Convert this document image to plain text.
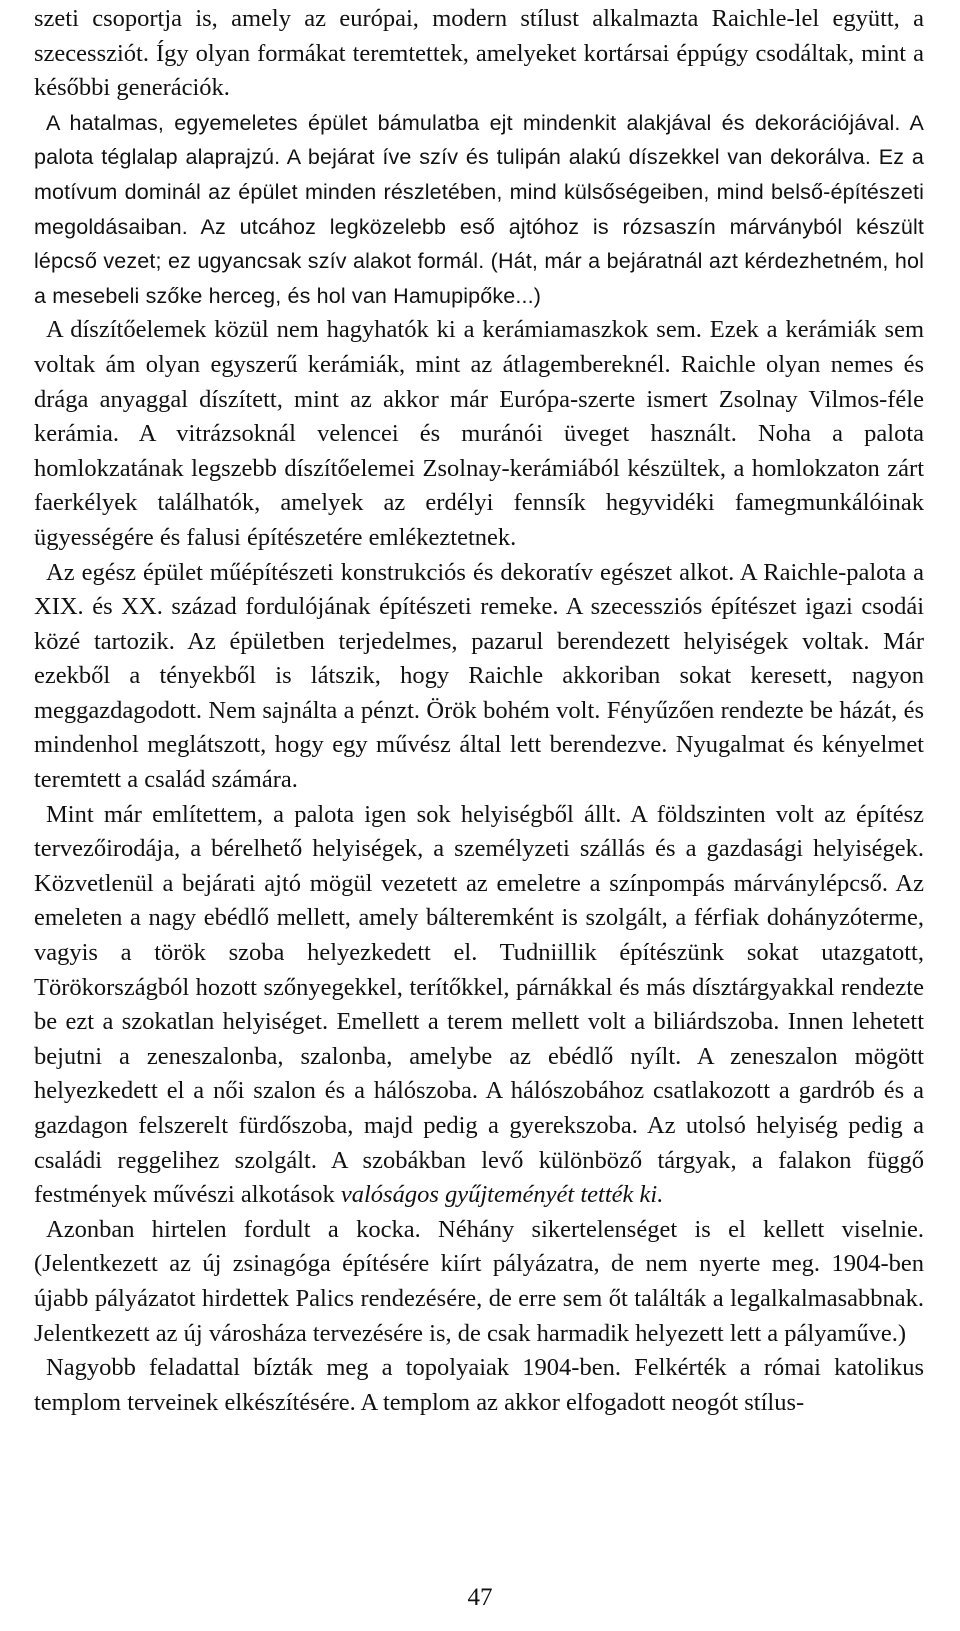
szeti csoportja is, amely az európai, modern stílust alkalmazta Raichle-lel együtt, a szecessziót. Így olyan formákat teremtettek, amelyeket kortársai éppúgy csodáltak, mint a későbbi generációk.

A hatalmas, egyemeletes épület bámulatba ejt mindenkit alakjával és dekorációjával. A palota téglalap alaprajzú. A bejárat íve szív és tulipán alakú díszekkel van dekorálva. Ez a motívum dominál az épület minden részletében, mind külsőségeiben, mind belső-építészeti megoldásaiban. Az utcához legközelebb eső ajtóhoz is rózsaszín márványból készült lépcső vezet; ez ugyancsak szív alakot formál. (Hát, már a bejáratnál azt kérdezhetném, hol a mesebeli szőke herceg, és hol van Hamupipőke...)

A díszítőelemek közül nem hagyhatók ki a kerámiamaszkok sem. Ezek a kerámiák sem voltak ám olyan egyszerű kerámiák, mint az átlagembereknél. Raichle olyan nemes és drága anyaggal díszített, mint az akkor már Európa-szerte ismert Zsolnay Vilmos-féle kerámia. A vitrázsoknál velencei és muránói üveget használt. Noha a palota homlokzatának legszebb díszítőelemei Zsolnay-kerámiából készültek, a homlokzaton zárt faerkélyek találhatók, amelyek az erdélyi fennsík hegyvidéki famegmunkálóinak ügyességére és falusi építészetére emlékeztetnek.

Az egész épület műépítészeti konstrukciós és dekoratív egészet alkot. A Raichle-palota a XIX. és XX. század fordulójának építészeti remeke. A szecessziós építészet igazi csodái közé tartozik. Az épületben terjedelmes, pazarul berendezett helyiségek voltak. Már ezekből a tényekből is látszik, hogy Raichle akkoriban sokat keresett, nagyon meggazdagodott. Nem sajnálta a pénzt. Örök bohém volt. Fényűzően rendezte be házát, és mindenhol meglátszott, hogy egy művész által lett berendezve. Nyugalmat és kényelmet teremtett a család számára.

Mint már említettem, a palota igen sok helyiségből állt. A földszinten volt az építész tervezőirodája, a bérelhető helyiségek, a személyzeti szállás és a gazdasági helyiségek. Közvetlenül a bejárati ajtó mögül vezetett az emeletre a színpompás márványlépcső. Az emeleten a nagy ebédlő mellett, amely bálteremként is szolgált, a férfiak dohányzóterme, vagyis a török szoba helyezkedett el. Tudniillik építészünk sokat utazgatott, Törökországból hozott szőnyegekkel, terítőkkel, párnákkal és más dísztárgyakkal rendezte be ezt a szokatlan helyiséget. Emellett a terem mellett volt a biliárdszoba. Innen lehetett bejutni a zeneszalonba, szalonba, amelybe az ebédlő nyílt. A zeneszalon mögött helyezkedett el a női szalon és a hálószoba. A hálószobához csatlakozott a gardrób és a gazdagon felszerelt fürdőszoba, majd pedig a gyerekszoba. Az utolsó helyiség pedig a családi reggelihez szolgált. A szobákban levő különböző tárgyak, a falakon függő festmények művészi alkotások valóságos gyűjteményét tették ki.

Azonban hirtelen fordult a kocka. Néhány sikertelenséget is el kellett viselnie. (Jelentkezett az új zsinagóga építésére kiírt pályázatra, de nem nyerte meg. 1904-ben újabb pályázatot hirdettek Palics rendezésére, de erre sem őt találták a legalkalmasabbnak. Jelentkezett az új városháza tervezésére is, de csak harmadik helyezett lett a pályaműve.)

Nagyobb feladattal bízták meg a topolyaiak 1904-ben. Felkérték a római katolikus templom terveinek elkészítésére. A templom az akkor elfogadott neogót stílus-

47
